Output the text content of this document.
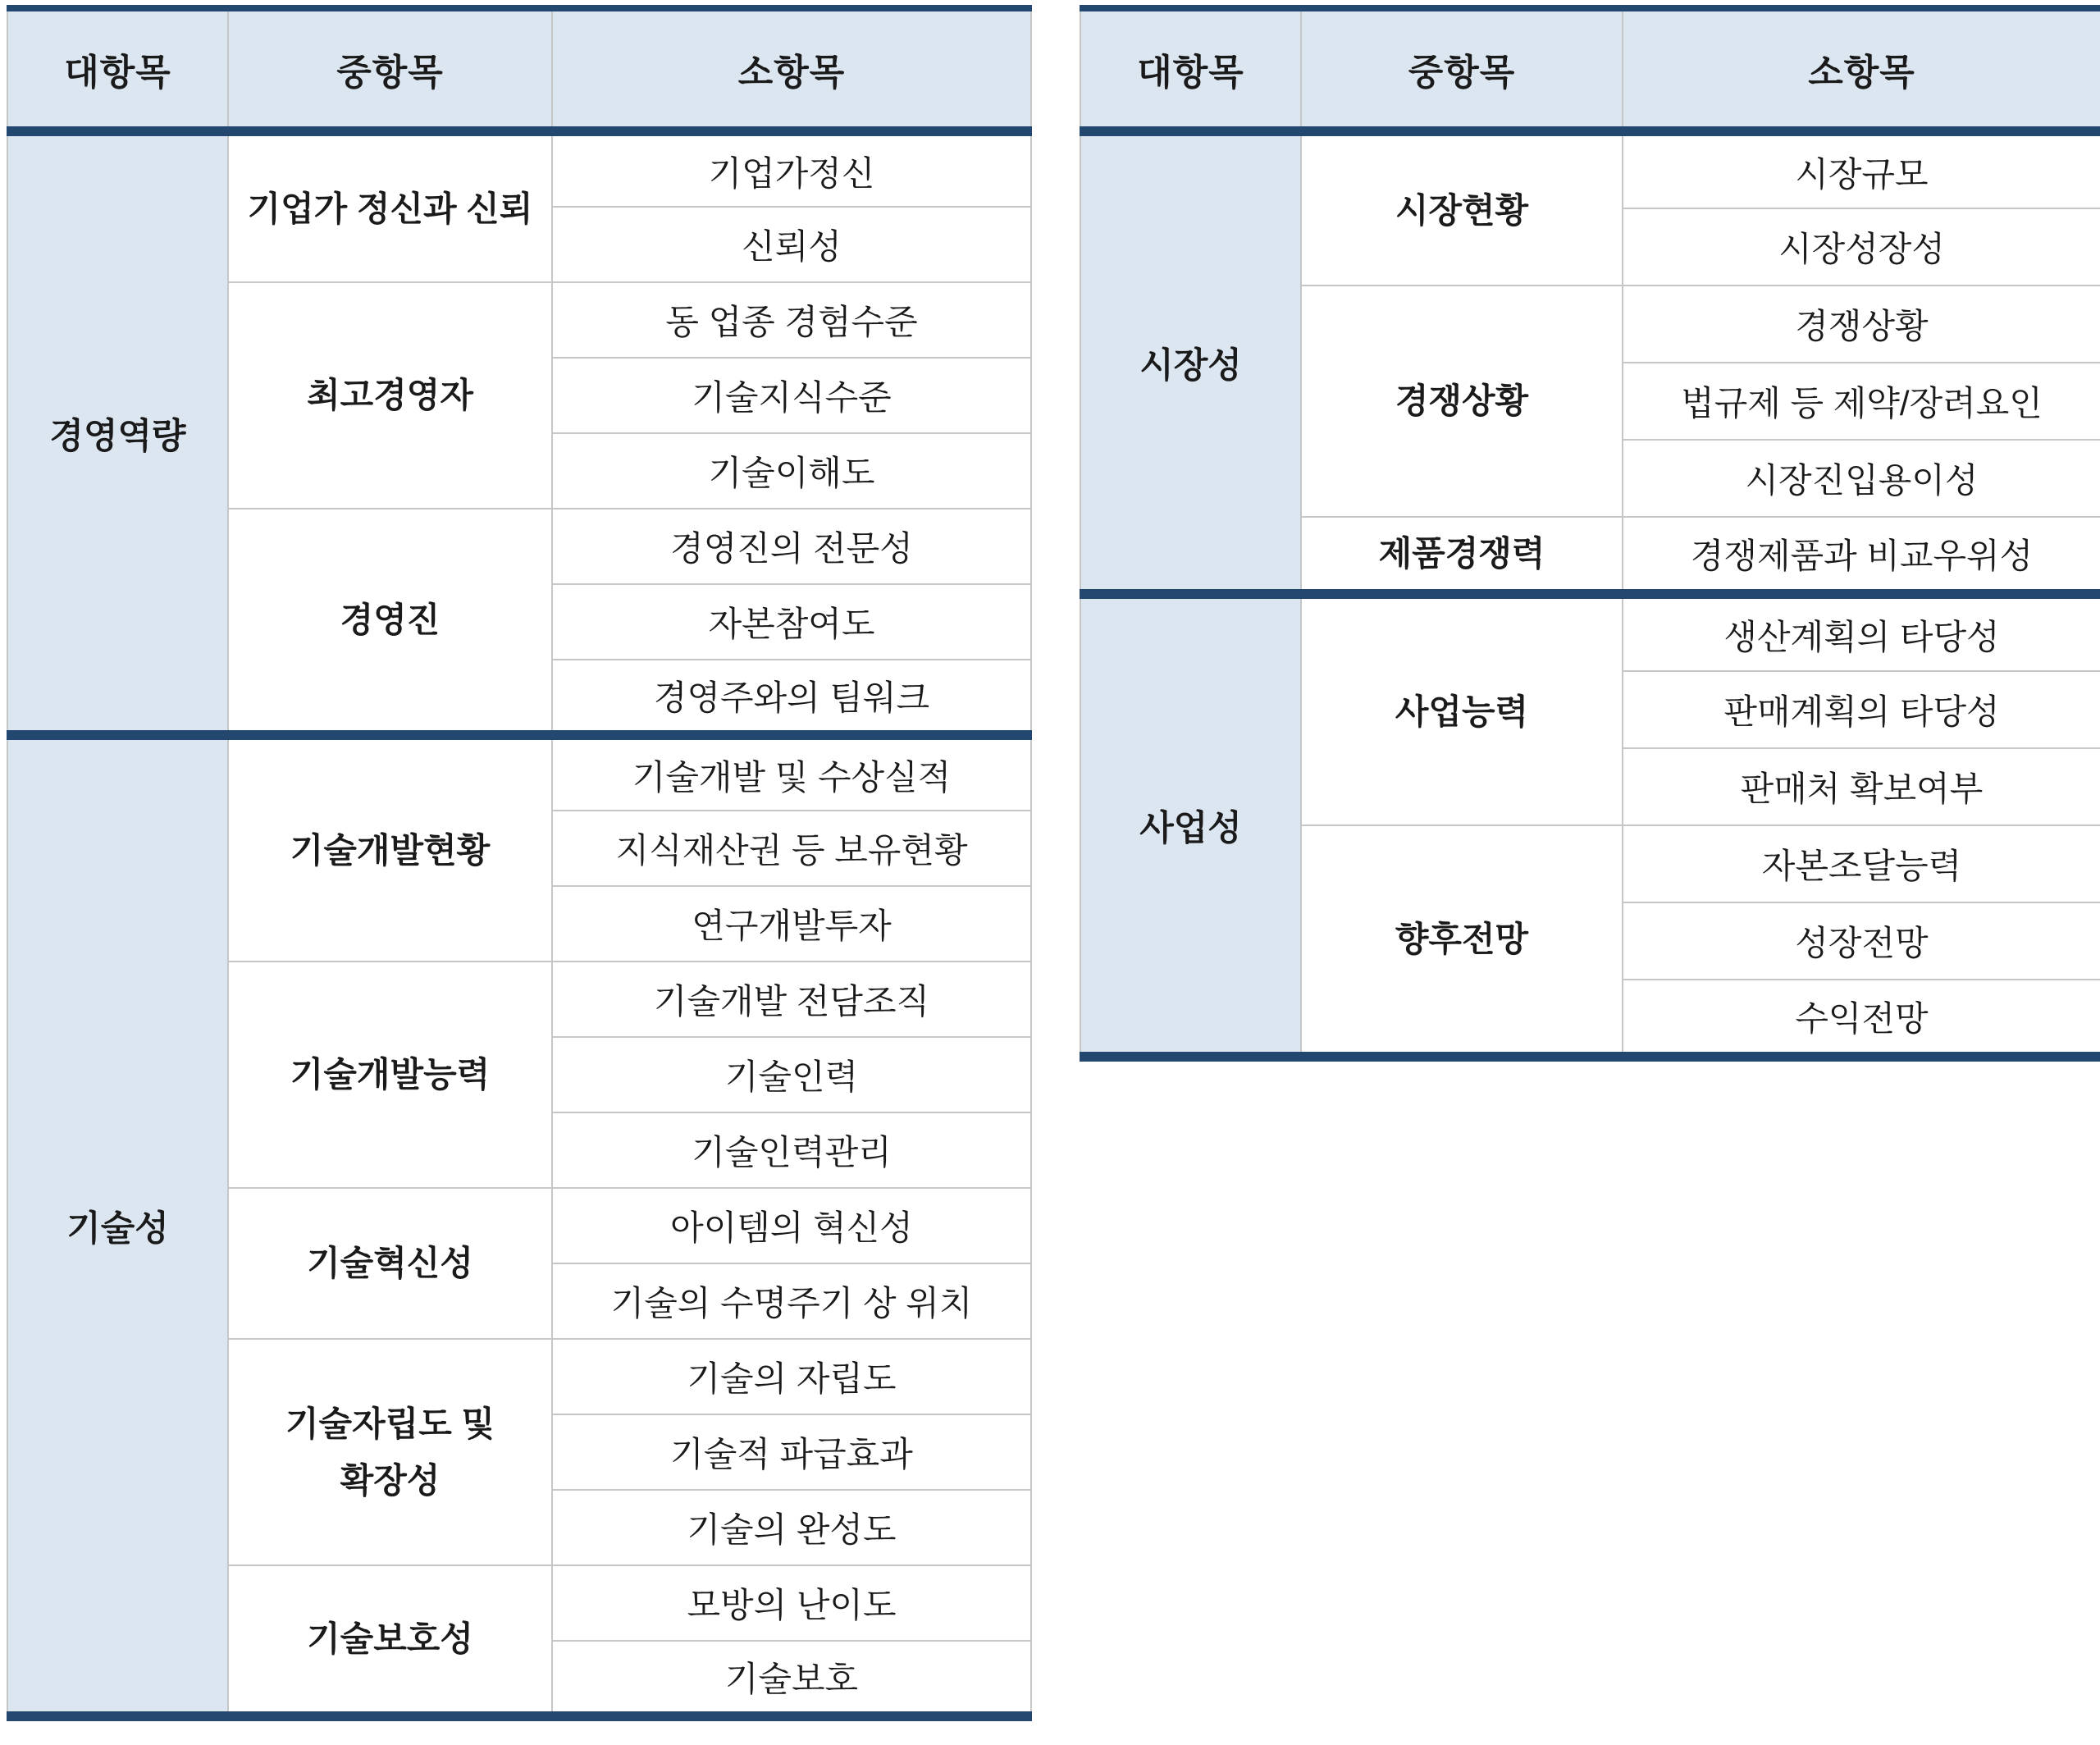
대항목	중항목	소항목
경영역량	기업가 정신과 신뢰	기업가정신
		신뢰성
	최고경영자	동 업종 경험수준
		기술지식수준
		기술이해도
	경영진	경영진의 전문성
		자본참여도
		경영주와의 팀워크
기술성	기술개발현황	기술개발 및 수상실적
		지식재산권 등 보유현황
		연구개발투자
	기술개발능력	기술개발 전담조직
		기술인력
		기술인력관리
	기술혁신성	아이템의 혁신성
		기술의 수명주기 상 위치
	기술자립도 및 확장성	기술의 자립도
		기술적 파급효과
		기술의 완성도
	기술보호성	모방의 난이도
		기술보호
대항목	중항목	소항목
시장성	시장현황	시장규모
		시장성장성
	경쟁상황	경쟁상황
		법규제 등 제약/장려요인
		시장진입용이성
	제품경쟁력	경쟁제품과 비교우위성
사업성	사업능력	생산계획의 타당성
		판매계획의 타당성
		판매처 확보여부
	향후전망	자본조달능력
		성장전망
		수익전망
